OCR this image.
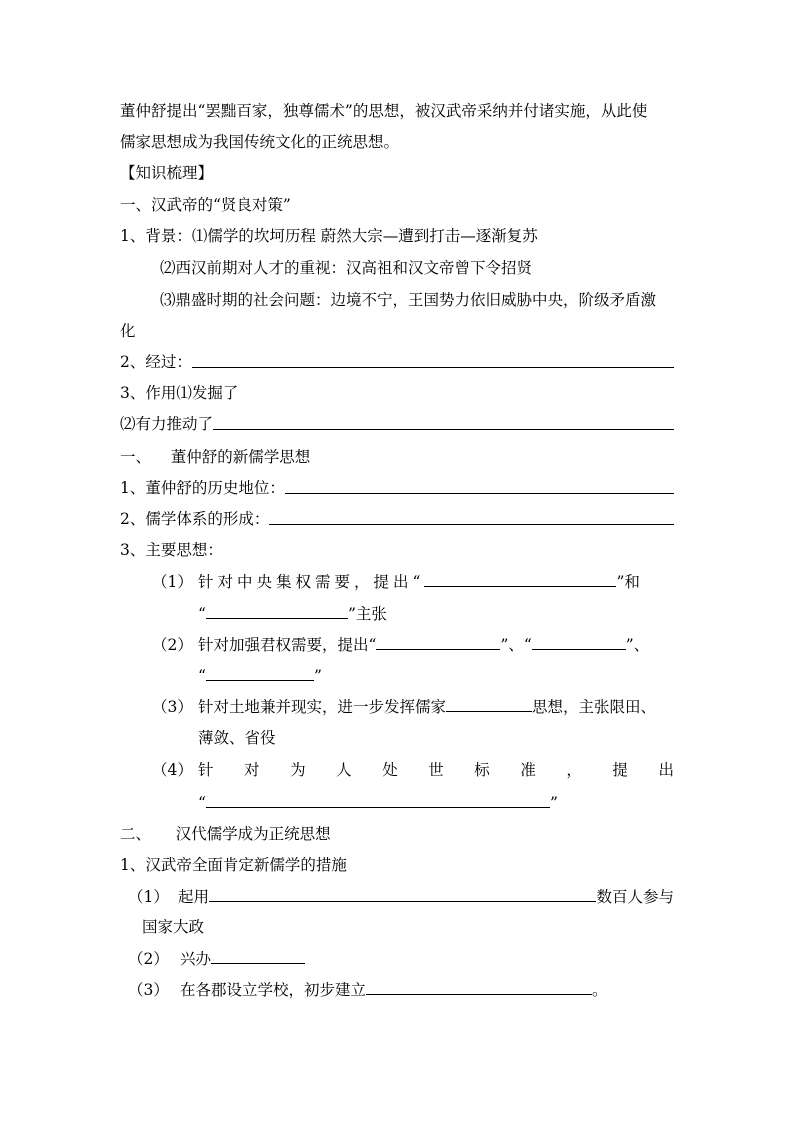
董仲舒提出“罢黜百家，独尊儒术”的思想，被汉武帝采纳并付诸实施，从此使
儒家思想成为我国传统文化的正统思想。
【知识梳理】
一、汉武帝的“贤良对策”
1、背景：⑴儒学的坎坷历程 蔚然大宗—遭到打击—逐渐复苏
⑵西汉前期对人才的重视：汉高祖和汉文帝曾下令招贤
⑶鼎盛时期的社会问题：边境不宁，王国势力依旧威胁中央，阶级矛盾激
化
2、经过：
3、作用⑴发掘了
⑵有力推动了
一、    董仲舒的新儒学思想
1、董仲舒的历史地位：
2、儒学体系的形成：
3、主要思想：
（1） 针对中央集权需要，提出“	”和
“	”主张
（2） 针对加强君权需要，提出“	”、“	”、
“	”
（3） 针对土地兼并现实，进一步发挥儒家	思想，主张限田、
薄敛、省役
（4） 针 对 为 人 处 世 标 准 ， 提 出
“	”
二、     汉代儒学成为正统思想
1、汉武帝全面肯定新儒学的措施
（1） 起用	数百人参与
国家大政
（2） 兴办
（3） 在各郡设立学校，初步建立	。
